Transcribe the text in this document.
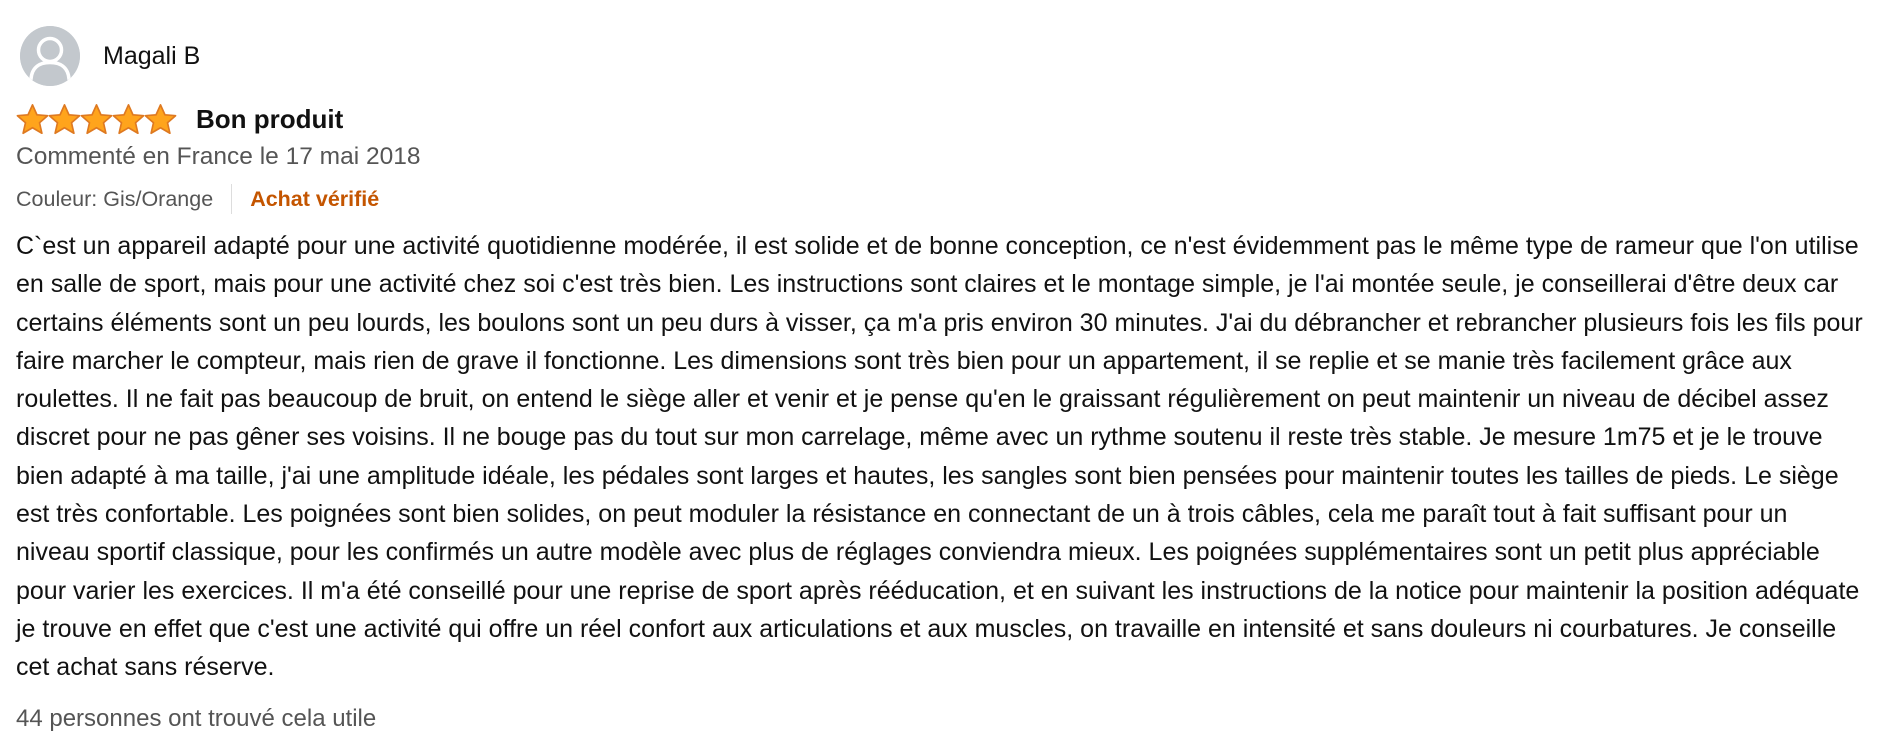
Magali B
Bon produit
Commenté en France le 17 mai 2018
Couleur: Gis/Orange Achat vérifié

C`est un appareil adapté pour une activité quotidienne modérée, il est solide et de bonne conception, ce n'est évidemment pas le même type de rameur que l'on utilise en salle de sport, mais pour une activité chez soi c'est très bien. Les instructions sont claires et le montage simple, je l'ai montée seule, je conseillerai d'être deux car certains éléments sont un peu lourds, les boulons sont un peu durs à visser, ça m'a pris environ 30 minutes. J'ai du débrancher et rebrancher plusieurs fois les fils pour faire marcher le compteur, mais rien de grave il fonctionne. Les dimensions sont très bien pour un appartement, il se replie et se manie très facilement grâce aux roulettes. Il ne fait pas beaucoup de bruit, on entend le siège aller et venir et je pense qu'en le graissant régulièrement on peut maintenir un niveau de décibel assez discret pour ne pas gêner ses voisins. Il ne bouge pas du tout sur mon carrelage, même avec un rythme soutenu il reste très stable. Je mesure 1m75 et je le trouve bien adapté à ma taille, j'ai une amplitude idéale, les pédales sont larges et hautes, les sangles sont bien pensées pour maintenir toutes les tailles de pieds. Le siège est très confortable. Les poignées sont bien solides, on peut moduler la résistance en connectant de un à trois câbles, cela me paraît tout à fait suffisant pour un niveau sportif classique, pour les confirmés un autre modèle avec plus de réglages conviendra mieux. Les poignées supplémentaires sont un petit plus appréciable pour varier les exercices. Il m'a été conseillé pour une reprise de sport après rééducation, et en suivant les instructions de la notice pour maintenir la position adéquate je trouve en effet que c'est une activité qui offre un réel confort aux articulations et aux muscles, on travaille en intensité et sans douleurs ni courbatures. Je conseille cet achat sans réserve.

44 personnes ont trouvé cela utile
